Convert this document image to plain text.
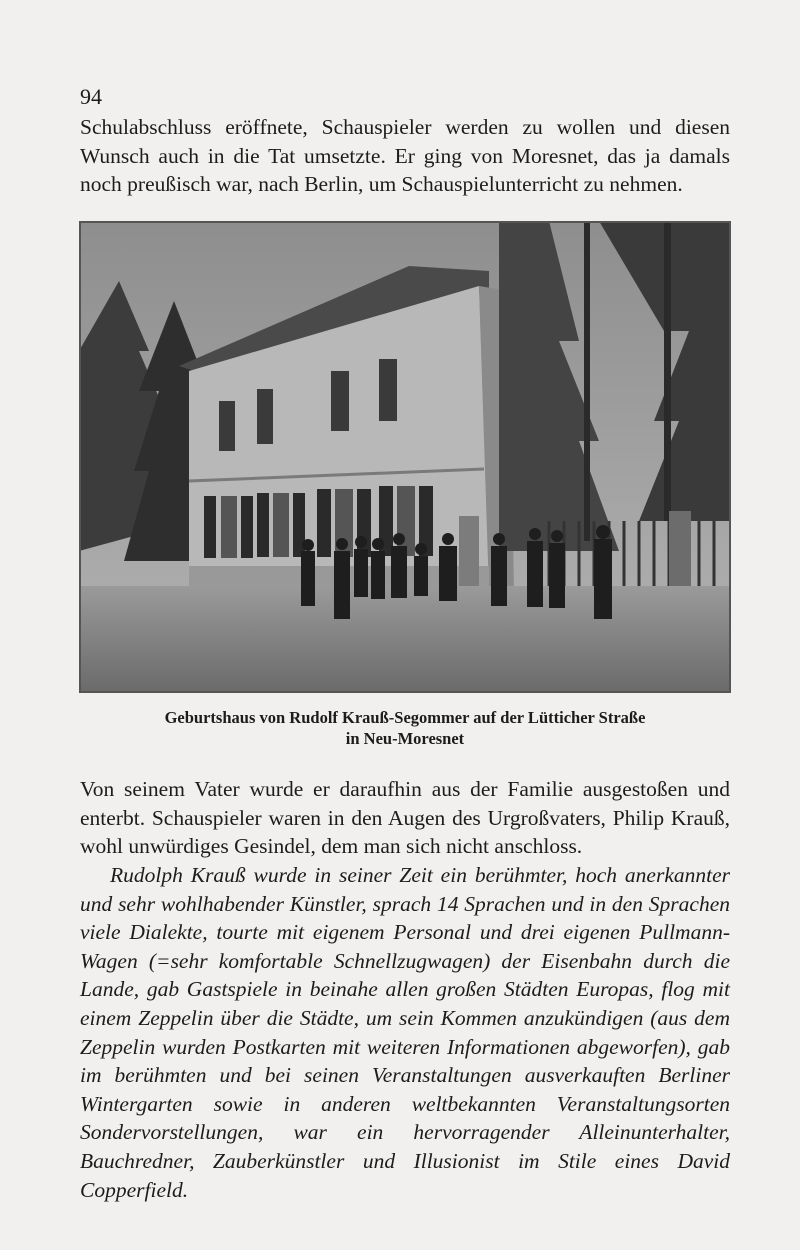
94

Schulabschluss eröffnete, Schauspieler werden zu wollen und diesen Wunsch auch in die Tat umsetzte. Er ging von Moresnet, das ja damals noch preußisch war, nach Berlin, um Schauspielunterricht zu nehmen.

Geburtshaus von Rudolf Krauß-Segommer auf der Lütticher Straße
in Neu-Moresnet

Von seinem Vater wurde er daraufhin aus der Familie ausgestoßen und enterbt. Schauspieler waren in den Augen des Urgroßvaters, Philip Krauß, wohl unwürdiges Gesindel, dem man sich nicht anschloss.

Rudolph Krauß wurde in seiner Zeit ein berühmter, hoch anerkannter und sehr wohlhabender Künstler, sprach 14 Sprachen und in den Sprachen viele Dialekte, tourte mit eigenem Personal und drei eigenen Pullmann-Wagen (=sehr komfortable Schnellzugwagen) der Eisenbahn durch die Lande, gab Gastspiele in beinahe allen großen Städten Europas, flog mit einem Zeppelin über die Städte, um sein Kommen anzukündigen (aus dem Zeppelin wurden Postkarten mit weiteren Informationen abgeworfen), gab im berühmten und bei seinen Veranstaltungen ausverkauften Berliner Wintergarten sowie in anderen weltbekannten Veranstaltungsorten Sondervorstellungen, war ein hervorragender Alleinunterhalter, Bauchredner, Zauberkünstler und Illusionist im Stile eines David Copperfield.
